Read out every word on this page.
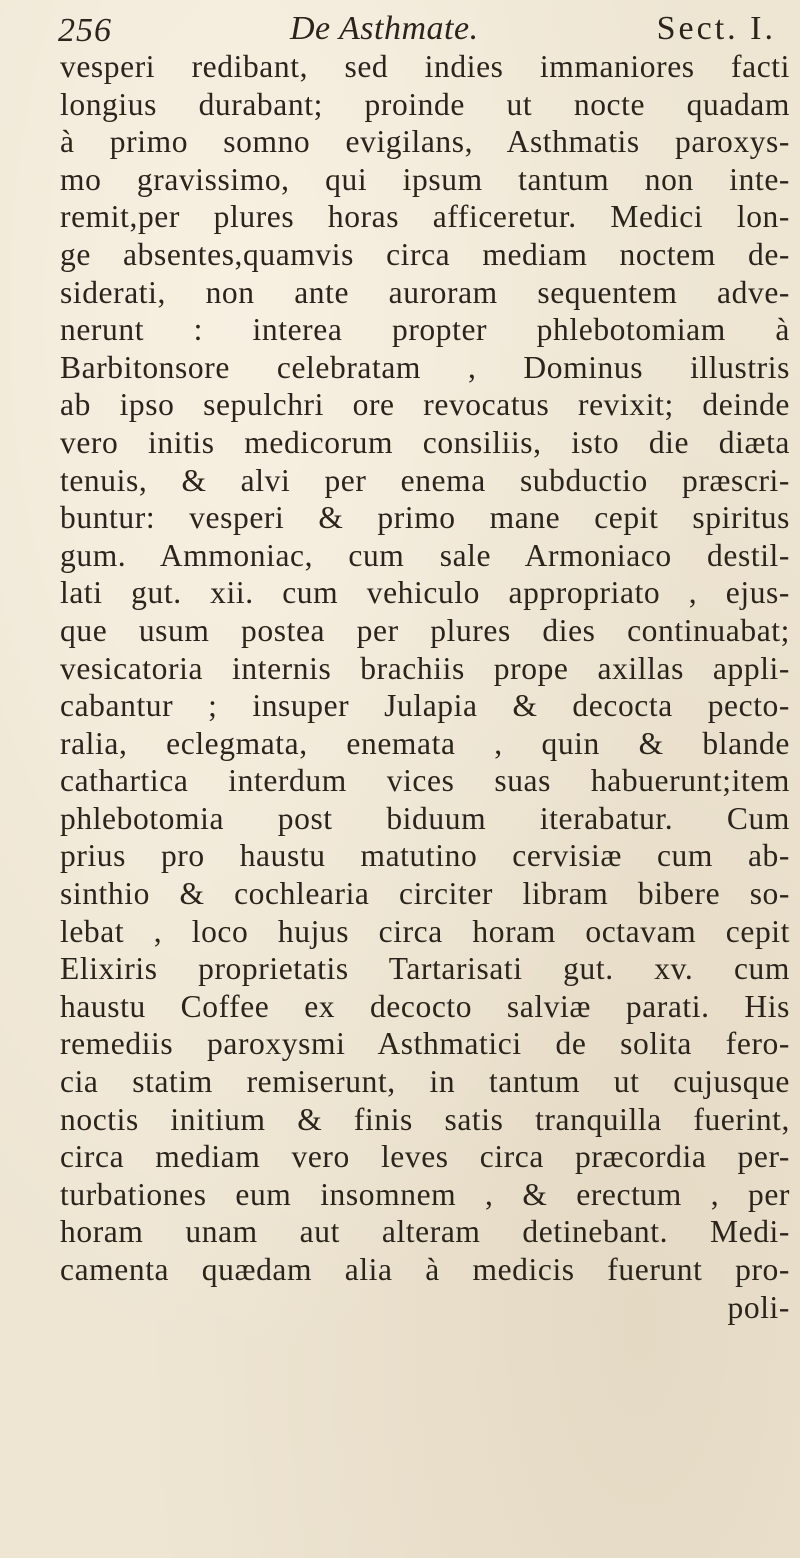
256	De Asthmate.	Sect. I.
vesperi redibant, sed indies immaniores facti
longius durabant; proinde ut nocte quadam
à primo somno evigilans, Asthmatis paroxys-
mo gravissimo, qui ipsum tantum non inte-
remit,per plures horas afficeretur. Medici lon-
ge absentes,quamvis circa mediam noctem de-
siderati, non ante auroram sequentem adve-
nerunt : interea propter phlebotomiam à
Barbitonsore celebratam , Dominus illustris
ab ipso sepulchri ore revocatus revixit; deinde
vero initis medicorum consiliis, isto die diæta
tenuis, & alvi per enema subductio præscri-
buntur: vesperi & primo mane cepit spiritus
gum. Ammoniac, cum sale Armoniaco destil-
lati gut. xii. cum vehiculo appropriato , ejus-
que usum postea per plures dies continuabat;
vesicatoria internis brachiis prope axillas appli-
cabantur ; insuper Julapia & decocta pecto-
ralia, eclegmata, enemata , quin & blande
cathartica interdum vices suas habuerunt;item
phlebotomia post biduum iterabatur. Cum
prius pro haustu matutino cervisiæ cum ab-
sinthio & cochlearia circiter libram bibere so-
lebat , loco hujus circa horam octavam cepit
Elixiris proprietatis Tartarisati gut. xv. cum
haustu Coffee ex decocto salviæ parati. His
remediis paroxysmi Asthmatici de solita fero-
cia statim remiserunt, in tantum ut cujusque
noctis initium & finis satis tranquilla fuerint,
circa mediam vero leves circa præcordia per-
turbationes eum insomnem , & erectum , per
horam unam aut alteram detinebant. Medi-
camenta quædam alia à medicis fuerunt pro-
poli-
